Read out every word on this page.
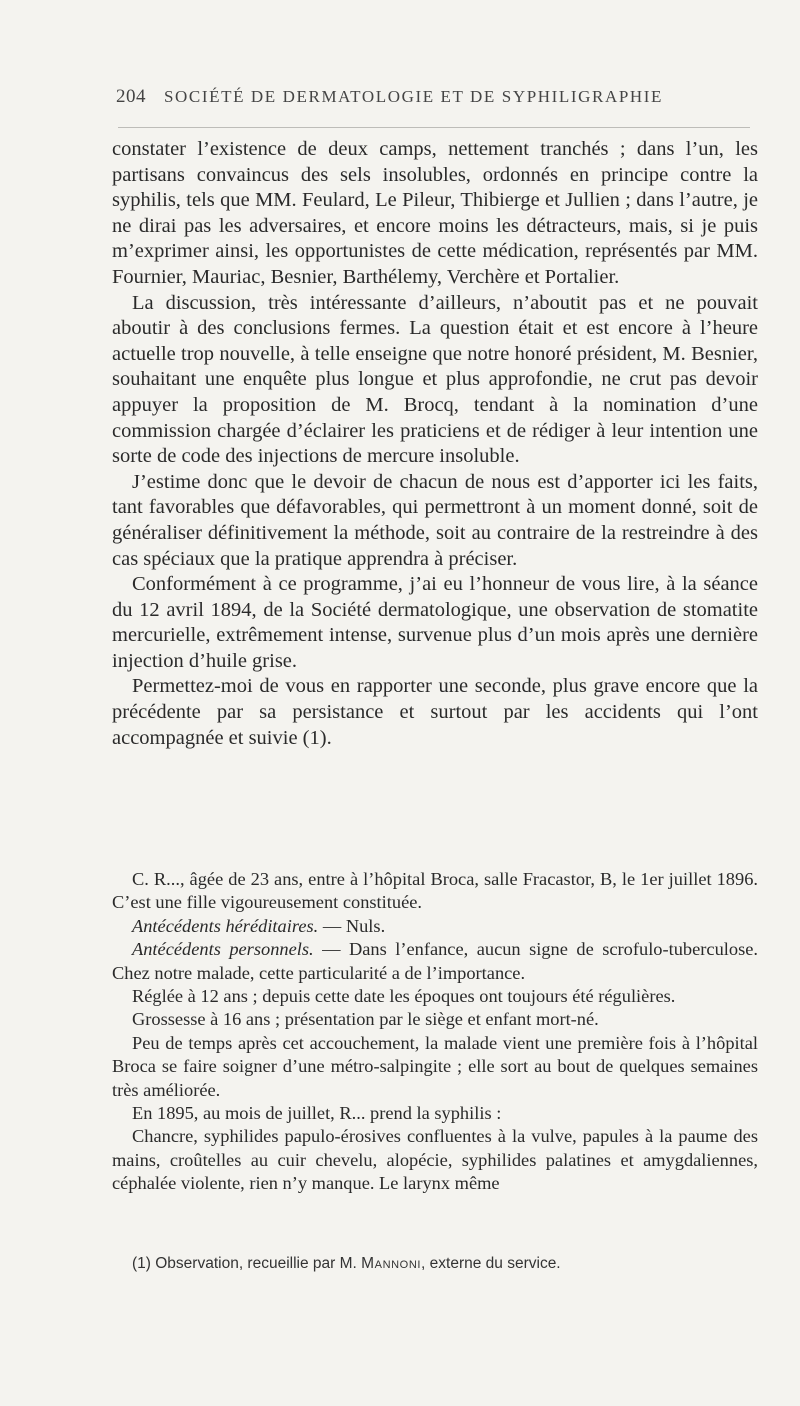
204 SOCIÉTÉ DE DERMATOLOGIE ET DE SYPHILIGRAPHIE

constater l’existence de deux camps, nettement tranchés ; dans l’un, les partisans convaincus des sels insolubles, ordonnés en principe contre la syphilis, tels que MM. Feulard, Le Pileur, Thibierge et Jullien ; dans l’autre, je ne dirai pas les adversaires, et encore moins les détracteurs, mais, si je puis m’exprimer ainsi, les opportunistes de cette médication, représentés par MM. Fournier, Mauriac, Besnier, Barthélemy, Verchère et Portalier.

La discussion, très intéressante d’ailleurs, n’aboutit pas et ne pouvait aboutir à des conclusions fermes. La question était et est encore à l’heure actuelle trop nouvelle, à telle enseigne que notre honoré président, M. Besnier, souhaitant une enquête plus longue et plus approfondie, ne crut pas devoir appuyer la proposition de M. Brocq, tendant à la nomination d’une commission chargée d’éclairer les praticiens et de rédiger à leur intention une sorte de code des injections de mercure insoluble.

J’estime donc que le devoir de chacun de nous est d’apporter ici les faits, tant favorables que défavorables, qui permettront à un moment donné, soit de généraliser définitivement la méthode, soit au contraire de la restreindre à des cas spéciaux que la pratique apprendra à préciser.

Conformément à ce programme, j’ai eu l’honneur de vous lire, à la séance du 12 avril 1894, de la Société dermatologique, une observation de stomatite mercurielle, extrêmement intense, survenue plus d’un mois après une dernière injection d’huile grise.

Permettez-moi de vous en rapporter une seconde, plus grave encore que la précédente par sa persistance et surtout par les accidents qui l’ont accompagnée et suivie (1).

C. R..., âgée de 23 ans, entre à l’hôpital Broca, salle Fracastor, B, le 1er juillet 1896. C’est une fille vigoureusement constituée.

Antécédents héréditaires. — Nuls.

Antécédents personnels. — Dans l’enfance, aucun signe de scrofulo-tuberculose. Chez notre malade, cette particularité a de l’importance.

Réglée à 12 ans ; depuis cette date les époques ont toujours été régulières.

Grossesse à 16 ans ; présentation par le siège et enfant mort-né.

Peu de temps après cet accouchement, la malade vient une première fois à l’hôpital Broca se faire soigner d’une métro-salpingite ; elle sort au bout de quelques semaines très améliorée.

En 1895, au mois de juillet, R... prend la syphilis :

Chancre, syphilides papulo-érosives confluentes à la vulve, papules à la paume des mains, croûtelles au cuir chevelu, alopécie, syphilides palatines et amygdaliennes, céphalée violente, rien n’y manque. Le larynx même

(1) Observation, recueillie par M. Mannoni, externe du service.
